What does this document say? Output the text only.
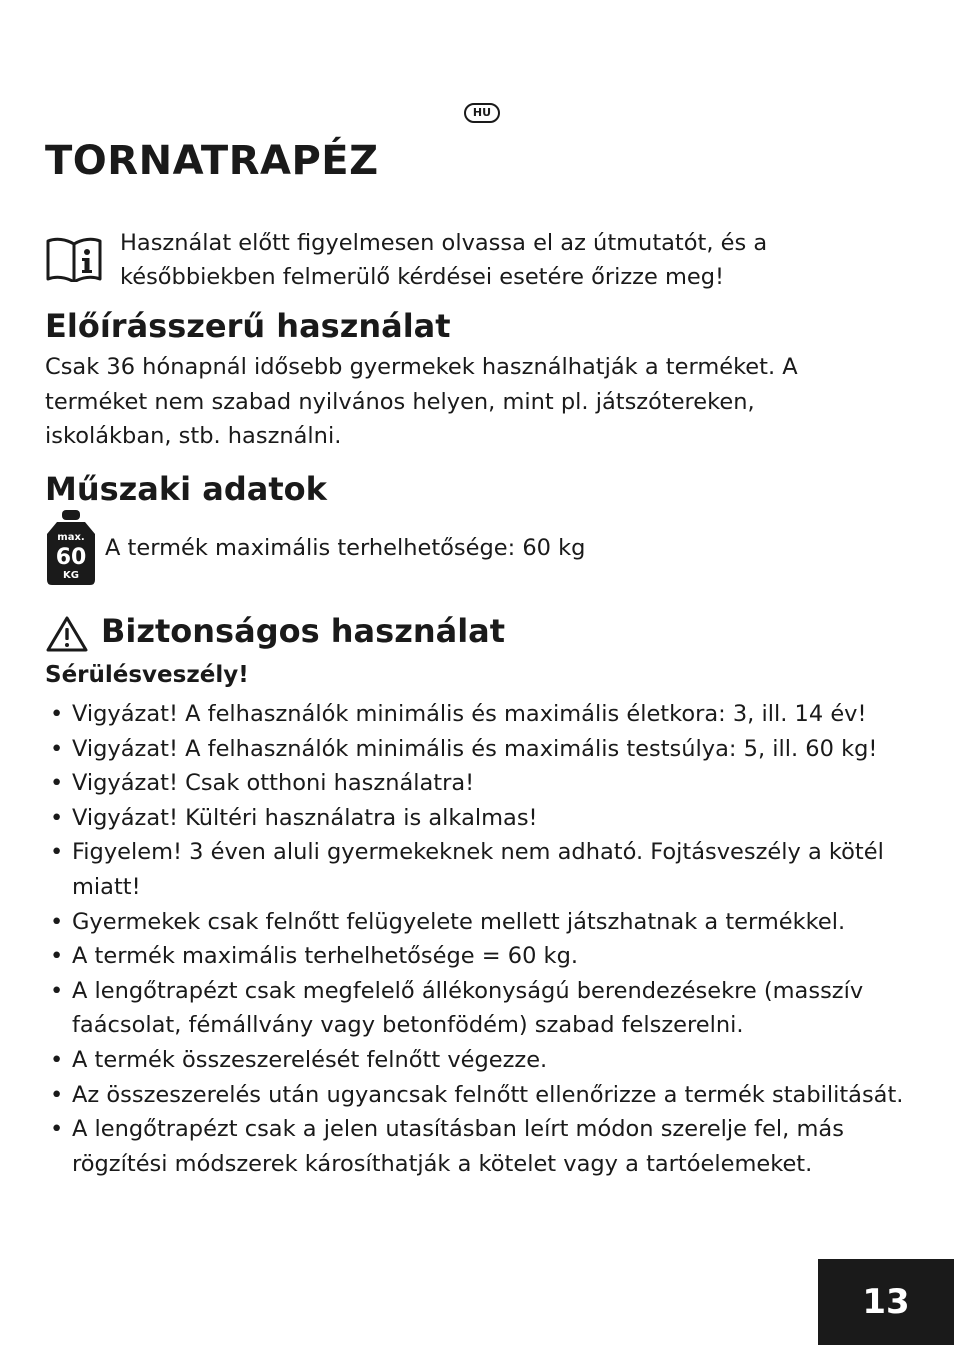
HU
TORNATRAPÉZ
Használat előtt figyelmesen olvassa el az útmutatót, és a későbbiekben felmerülő kérdései esetére őrizze meg!
Előírásszerű használat

Csak 36 hónapnál idősebb gyermekek használhatják a terméket. A terméket nem szabad nyilvános helyen, mint pl. játszótereken, iskolákban, stb. használni.

Műszaki adatok
max.
60
KG
A termék maximális terhelhetősége: 60 kg
Biztonságos használat
Sérülésveszély!
• Vigyázat! A felhasználók minimális és maximális életkora: 3, ill. 14 év!
• Vigyázat! A felhasználók minimális és maximális testsúlya: 5, ill. 60 kg!
• Vigyázat! Csak otthoni használatra!
• Vigyázat! Kültéri használatra is alkalmas!
• Figyelem! 3 éven aluli gyermekeknek nem adható. Fojtásveszély a kötél miatt!
• Gyermekek csak felnőtt felügyelete mellett játszhatnak a termékkel.
• A termék maximális terhelhetősége = 60 kg.
• A lengőtrapézt csak megfelelő állékonyságú berendezésekre (masszív faácsolat, fémállvány vagy betonfödém) szabad felszerelni.
• A termék összeszerelését felnőtt végezze.
• Az összeszerelés után ugyancsak felnőtt ellenőrizze a termék stabilitását.
• A lengőtrapézt csak a jelen utasításban leírt módon szerelje fel, más rögzítési módszerek károsíthatják a kötelet vagy a tartóelemeket.
13
